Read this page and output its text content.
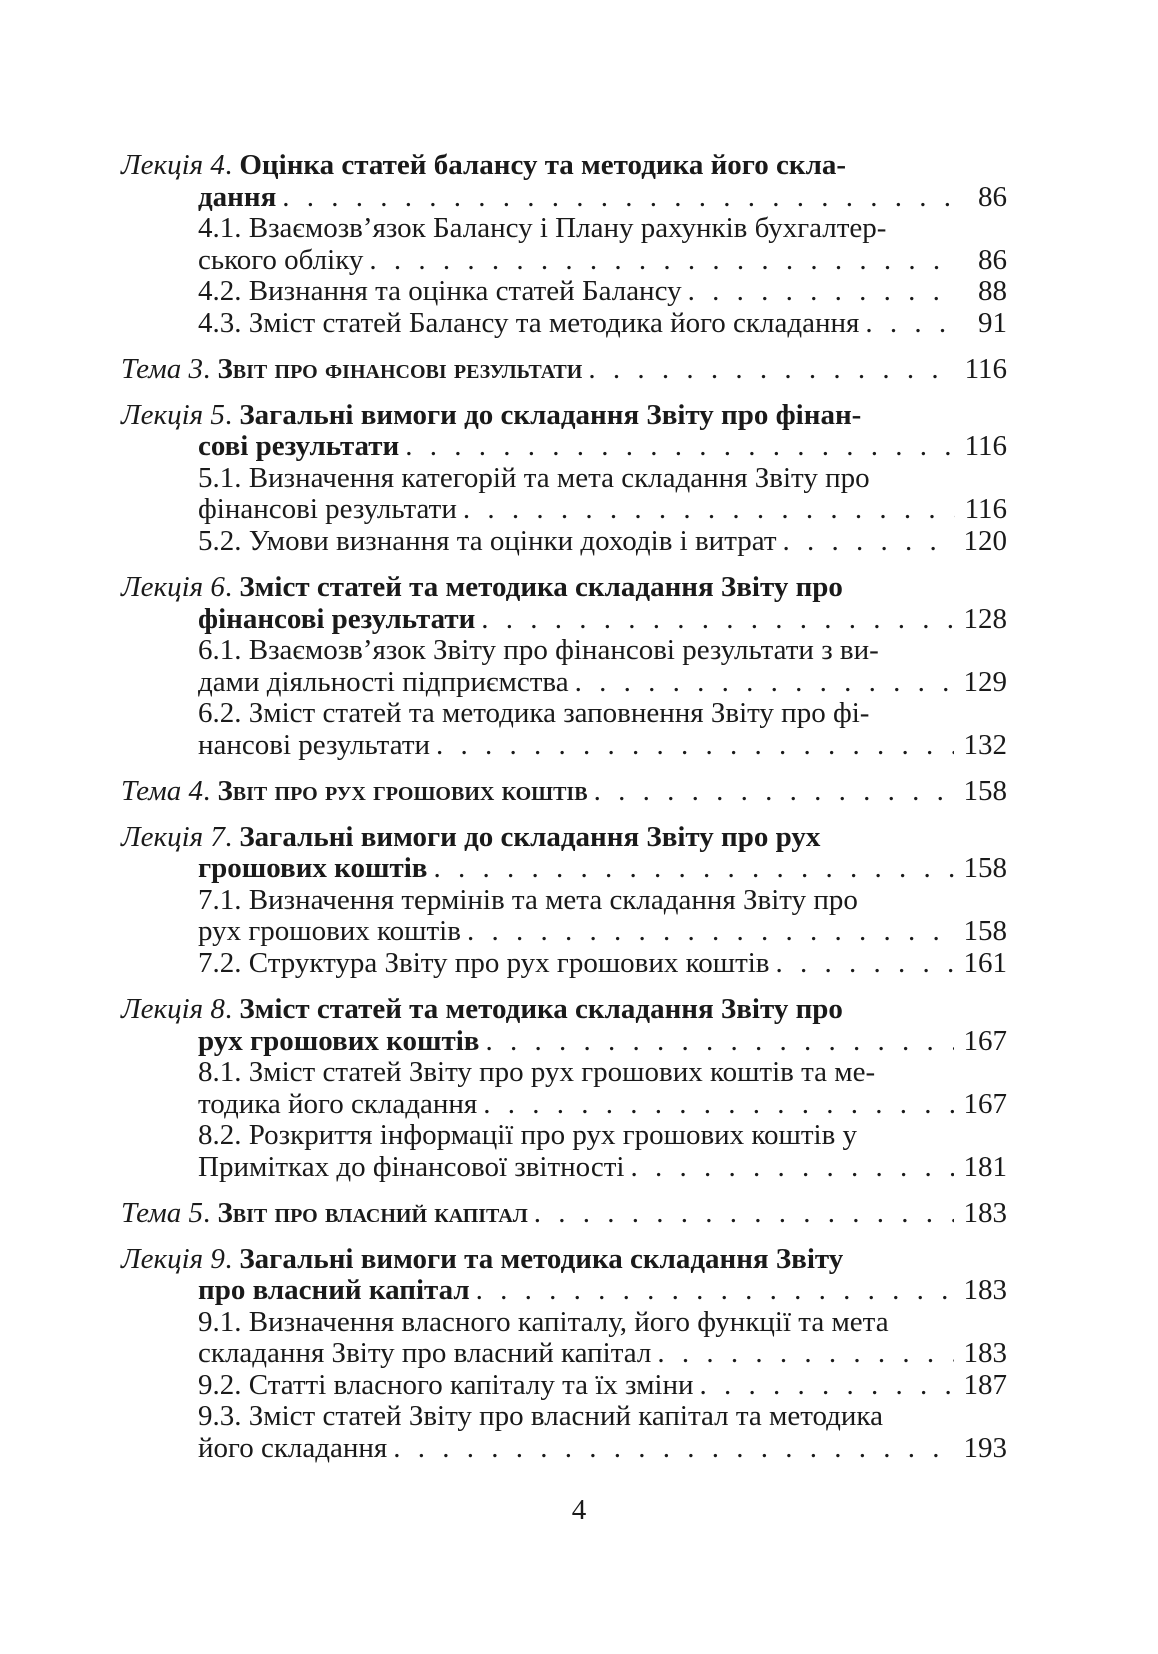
Лекція 4. Оцінка статей балансу та методика його скла-
дання . . .	86
4.1. Взаємозв’язок Балансу і Плану рахунків бухгалтер-
ського обліку . . .	86
4.2. Визнання та оцінка статей Балансу . . .	88
4.3. Зміст статей Балансу та методика його складання . . .	91
Тема 3. Звіт про фінансові результати . . .	116
Лекція 5. Загальні вимоги до складання Звіту про фінан-
сові результати . . .	116
5.1. Визначення категорій та мета складання Звіту про
фінансові результати . . .	116
5.2. Умови визнання та оцінки доходів і витрат . . .	120
Лекція 6. Зміст статей та методика складання Звіту про
фінансові результати . . .	128
6.1. Взаємозв’язок Звіту про фінансові результати з ви-
дами діяльності підприємства . . .	129
6.2. Зміст статей та методика заповнення Звіту про фі-
нансові результати . . .	132
Тема 4. Звіт про рух грошових коштів . . .	158
Лекція 7. Загальні вимоги до складання Звіту про рух
грошових коштів . . .	158
7.1. Визначення термінів та мета складання Звіту про
рух грошових коштів . . .	158
7.2. Структура Звіту про рух грошових коштів . . .	161
Лекція 8. Зміст статей та методика складання Звіту про
рух грошових коштів . . .	167
8.1. Зміст статей Звіту про рух грошових коштів та ме-
тодика його складання . . .	167
8.2. Розкриття інформації про рух грошових коштів у
Примітках до фінансової звітності . . .	181
Тема 5. Звіт про власний капітал . . .	183
Лекція 9. Загальні вимоги та методика складання Звіту
про власний капітал . . .	183
9.1. Визначення власного капіталу, його функції та мета
складання Звіту про власний капітал . . .	183
9.2. Статті власного капіталу та їх зміни . . .	187
9.3. Зміст статей Звіту про власний капітал та методика
його складання . . .	193
4
